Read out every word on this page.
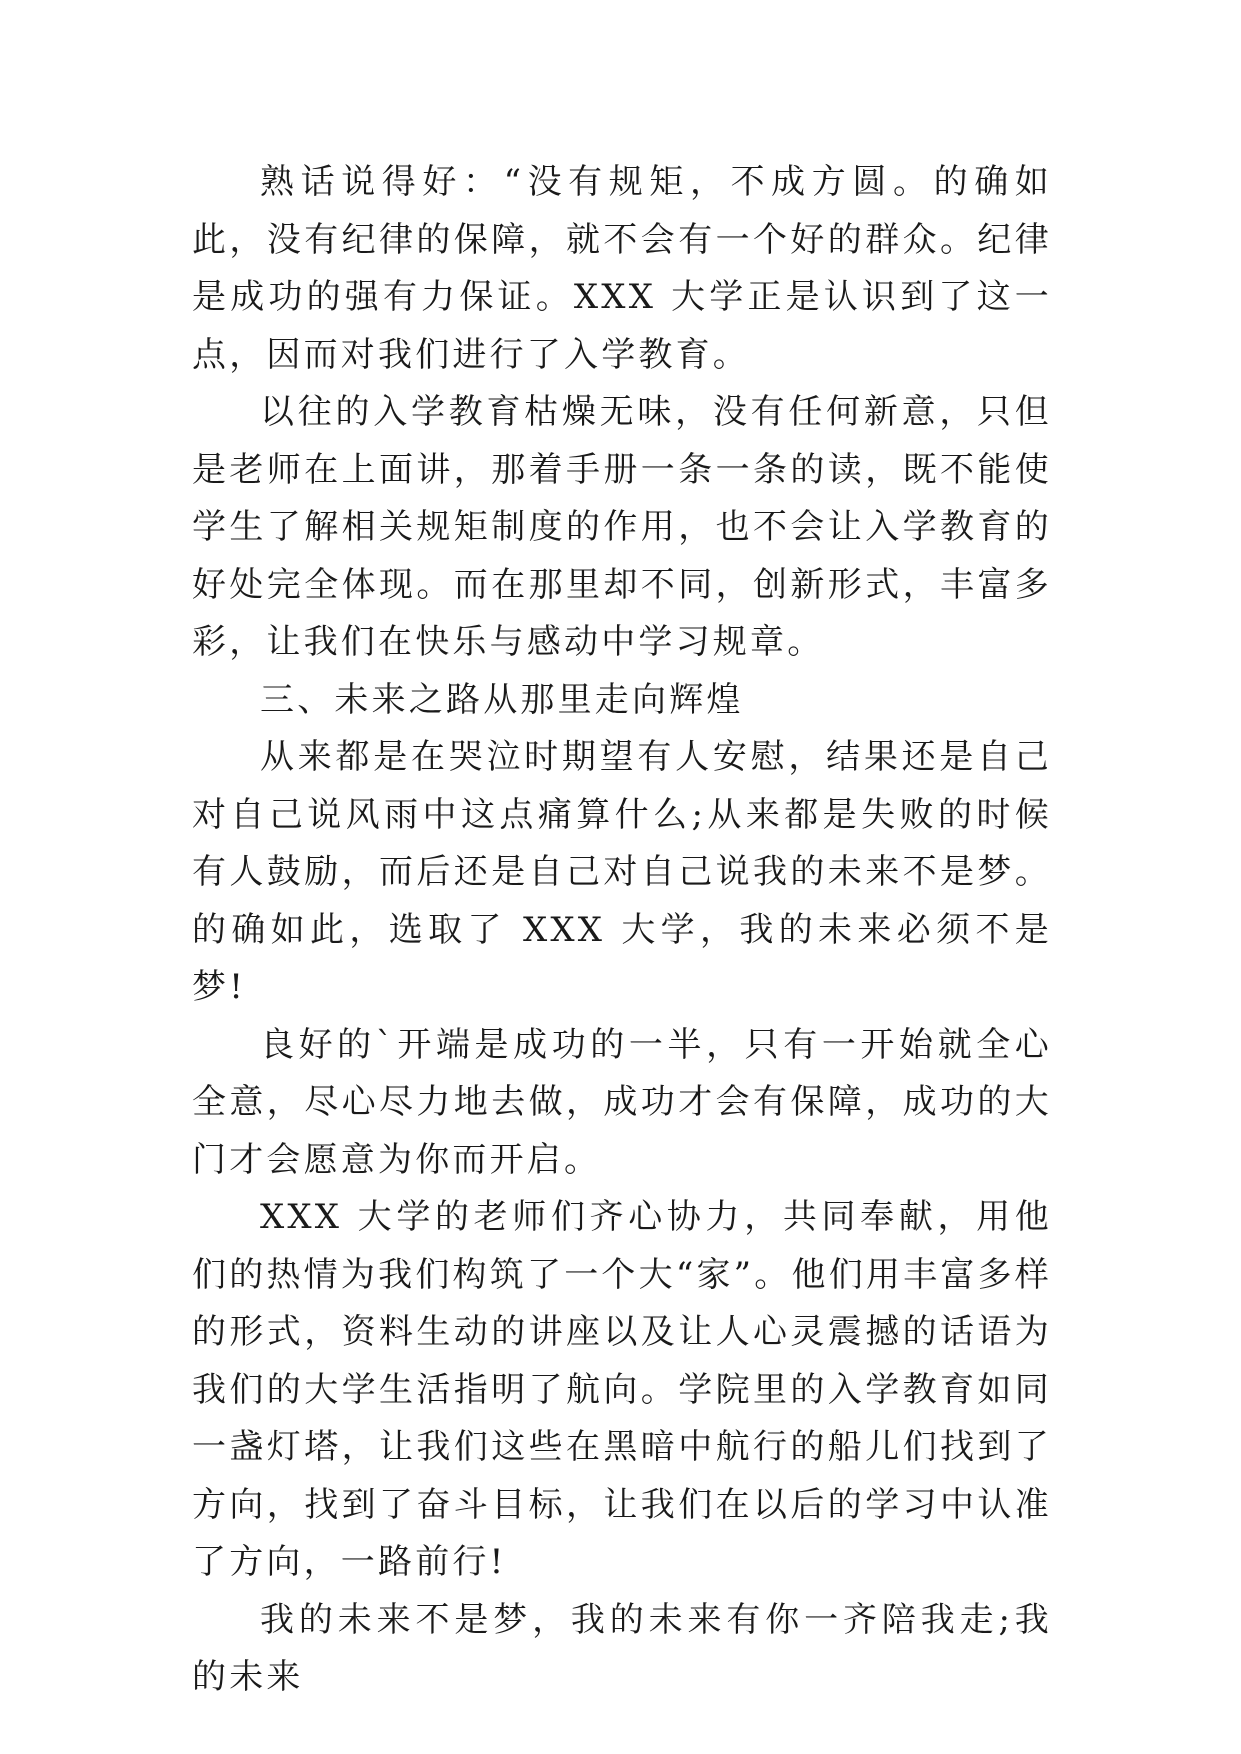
熟话说得好：“没有规矩，不成方圆。的确如此，没有纪律的保障，就不会有一个好的群众。纪律是成功的强有力保证。XXX 大学正是认识到了这一点，因而对我们进行了入学教育。

以往的入学教育枯燥无味，没有任何新意，只但是老师在上面讲，那着手册一条一条的读，既不能使学生了解相关规矩制度的作用，也不会让入学教育的好处完全体现。而在那里却不同，创新形式，丰富多彩，让我们在快乐与感动中学习规章。

三、未来之路从那里走向辉煌

从来都是在哭泣时期望有人安慰，结果还是自己对自己说风雨中这点痛算什么;从来都是失败的时候有人鼓励，而后还是自己对自己说我的未来不是梦。的确如此，选取了 XXX 大学，我的未来必须不是梦!

良好的`开端是成功的一半，只有一开始就全心全意，尽心尽力地去做，成功才会有保障，成功的大门才会愿意为你而开启。

XXX 大学的老师们齐心协力，共同奉献，用他们的热情为我们构筑了一个大“家”。他们用丰富多样的形式，资料生动的讲座以及让人心灵震撼的话语为我们的大学生活指明了航向。学院里的入学教育如同一盏灯塔，让我们这些在黑暗中航行的船儿们找到了方向，找到了奋斗目标，让我们在以后的学习中认准了方向，一路前行!

我的未来不是梦，我的未来有你一齐陪我走;我的未来
